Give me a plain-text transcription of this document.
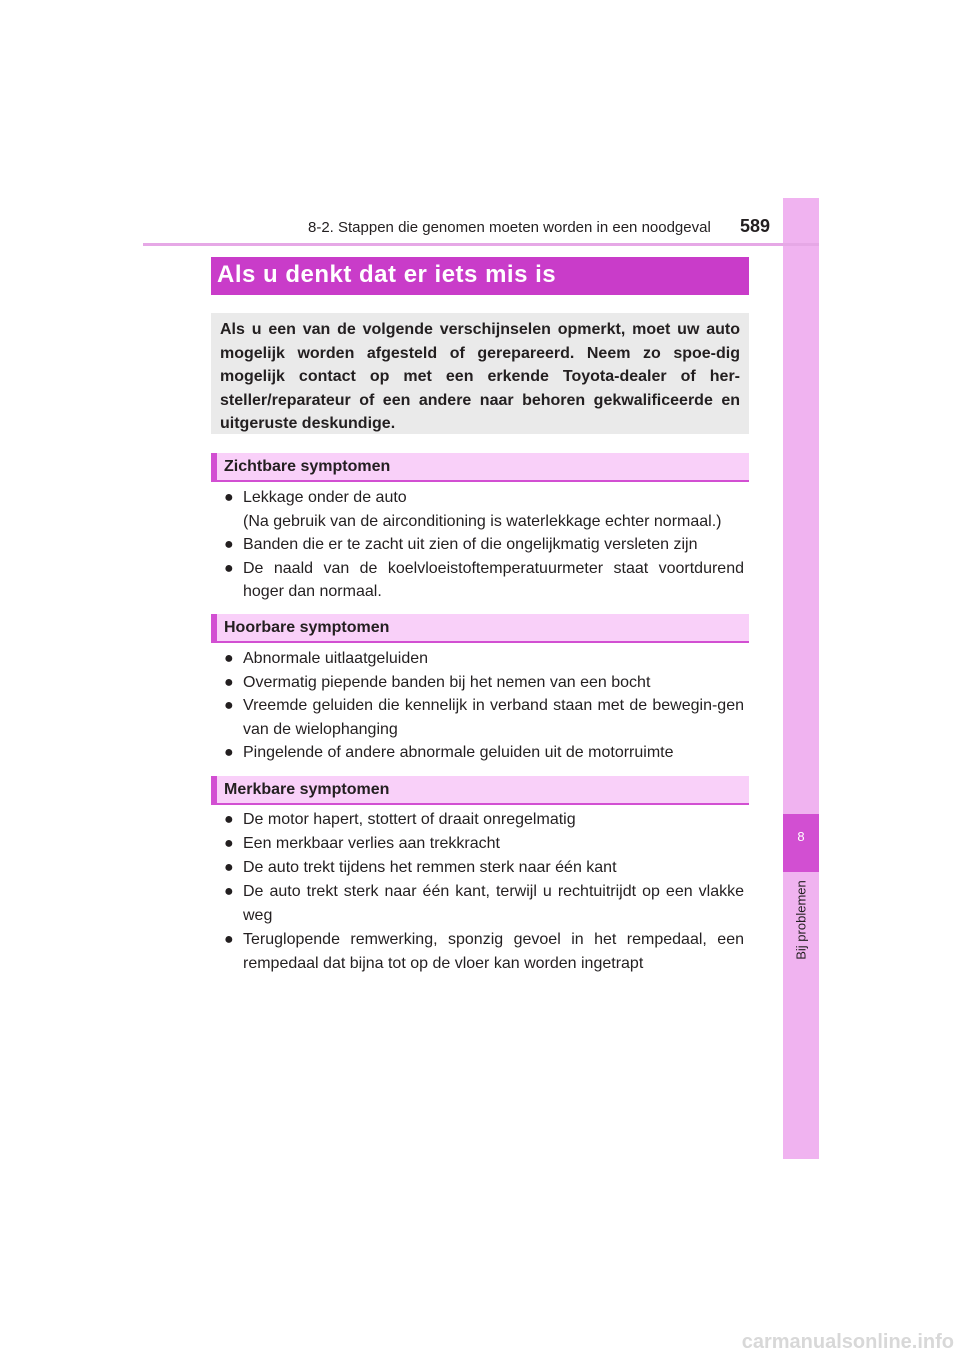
8
Bij problemen
8-2. Stappen die genomen moeten worden in een noodgeval 589
Als u denkt dat er iets mis is
Als u een van de volgende verschijnselen opmerkt, moet uw auto mogelijk worden afgesteld of gerepareerd. Neem zo spoe-dig mogelijk contact op met een erkende Toyota-dealer of her-steller/reparateur of een andere naar behoren gekwalificeerde en uitgeruste deskundige.
Zichtbare symptomen
● Lekkage onder de auto
(Na gebruik van de airconditioning is waterlekkage echter normaal.)
● Banden die er te zacht uit zien of die ongelijkmatig versleten zijn
● De naald van de koelvloeistoftemperatuurmeter staat voortdurend hoger dan normaal.
Hoorbare symptomen
● Abnormale uitlaatgeluiden
● Overmatig piepende banden bij het nemen van een bocht
● Vreemde geluiden die kennelijk in verband staan met de bewegin-gen van de wielophanging
● Pingelende of andere abnormale geluiden uit de motorruimte
Merkbare symptomen
● De motor hapert, stottert of draait onregelmatig
● Een merkbaar verlies aan trekkracht
● De auto trekt tijdens het remmen sterk naar één kant
● De auto trekt sterk naar één kant, terwijl u rechtuitrijdt op een vlakke weg
● Teruglopende remwerking, sponzig gevoel in het rempedaal, een rempedaal dat bijna tot op de vloer kan worden ingetrapt
carmanualsonline.info
